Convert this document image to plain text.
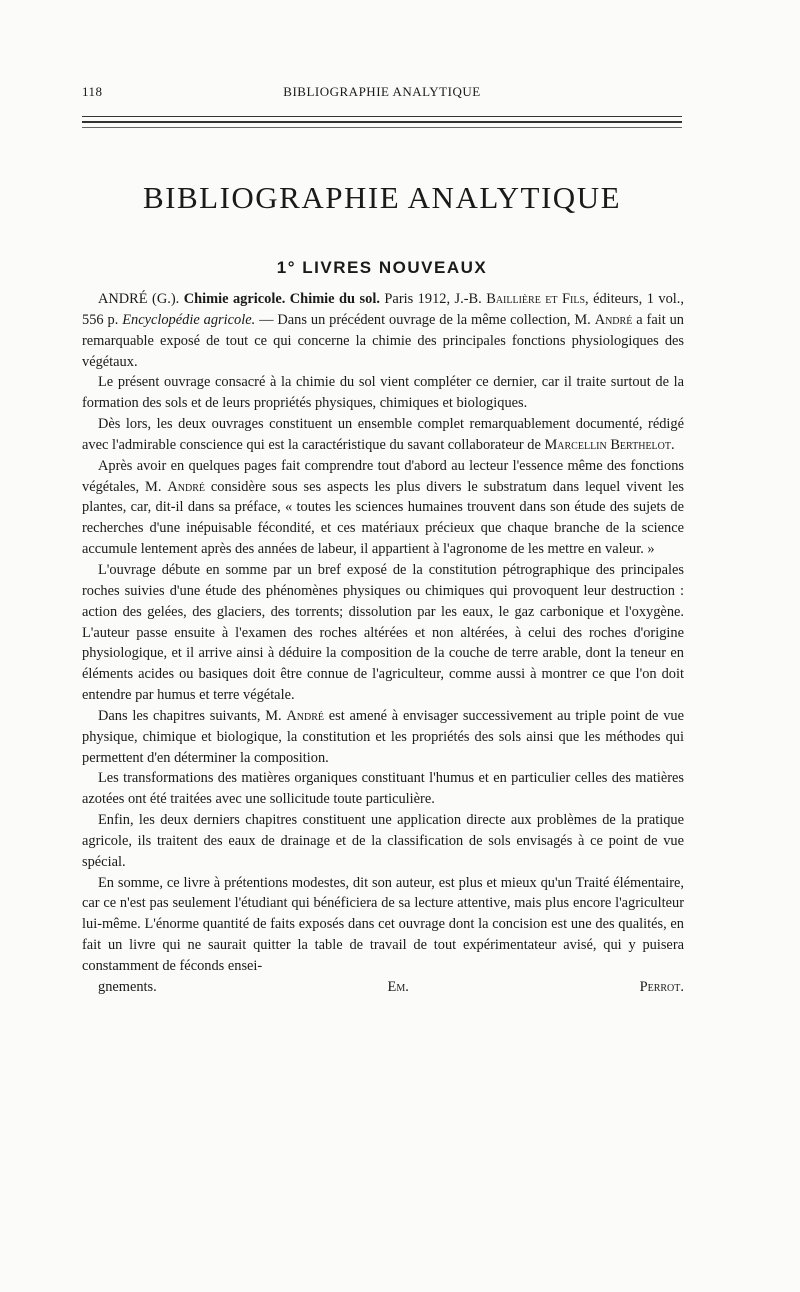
118	BIBLIOGRAPHIE ANALYTIQUE
BIBLIOGRAPHIE ANALYTIQUE
1° LIVRES NOUVEAUX

ANDRÉ (G.). Chimie agricole. Chimie du sol. Paris 1912, J.-B. Baillière et Fils, éditeurs, 1 vol., 556 p. Encyclopédie agricole. — Dans un précédent ouvrage de la même collection, M. André a fait un remarquable exposé de tout ce qui concerne la chimie des principales fonctions physiologiques des végétaux.

Le présent ouvrage consacré à la chimie du sol vient compléter ce dernier, car il traite surtout de la formation des sols et de leurs propriétés physiques, chimiques et biologiques.

Dès lors, les deux ouvrages constituent un ensemble complet remarquablement documenté, rédigé avec l'admirable conscience qui est la caractéristique du savant collaborateur de Marcellin Berthelot.

Après avoir en quelques pages fait comprendre tout d'abord au lecteur l'essence même des fonctions végétales, M. André considère sous ses aspects les plus divers le substratum dans lequel vivent les plantes, car, dit-il dans sa préface, « toutes les sciences humaines trouvent dans son étude des sujets de recherches d'une inépuisable fécondité, et ces matériaux précieux que chaque branche de la science accumule lentement après des années de labeur, il appartient à l'agronome de les mettre en valeur. »

L'ouvrage débute en somme par un bref exposé de la constitution pétrographique des principales roches suivies d'une étude des phénomènes physiques ou chimiques qui provoquent leur destruction : action des gelées, des glaciers, des torrents; dissolution par les eaux, le gaz carbonique et l'oxygène. L'auteur passe ensuite à l'examen des roches altérées et non altérées, à celui des roches d'origine physiologique, et il arrive ainsi à déduire la composition de la couche de terre arable, dont la teneur en éléments acides ou basiques doit être connue de l'agriculteur, comme aussi à montrer ce que l'on doit entendre par humus et terre végétale.

Dans les chapitres suivants, M. André est amené à envisager successivement au triple point de vue physique, chimique et biologique, la constitution et les propriétés des sols ainsi que les méthodes qui permettent d'en déterminer la composition.

Les transformations des matières organiques constituant l'humus et en particulier celles des matières azotées ont été traitées avec une sollicitude toute particulière.

Enfin, les deux derniers chapitres constituent une application directe aux problèmes de la pratique agricole, ils traitent des eaux de drainage et de la classification de sols envisagés à ce point de vue spécial.

En somme, ce livre à prétentions modestes, dit son auteur, est plus et mieux qu'un Traité élémentaire, car ce n'est pas seulement l'étudiant qui bénéficiera de sa lecture attentive, mais plus encore l'agriculteur lui-même. L'énorme quantité de faits exposés dans cet ouvrage dont la concision est une des qualités, en fait un livre qui ne saurait quitter la table de travail de tout expérimentateur avisé, qui y puisera constamment de féconds ensei-

gnements.	Em. Perrot.
